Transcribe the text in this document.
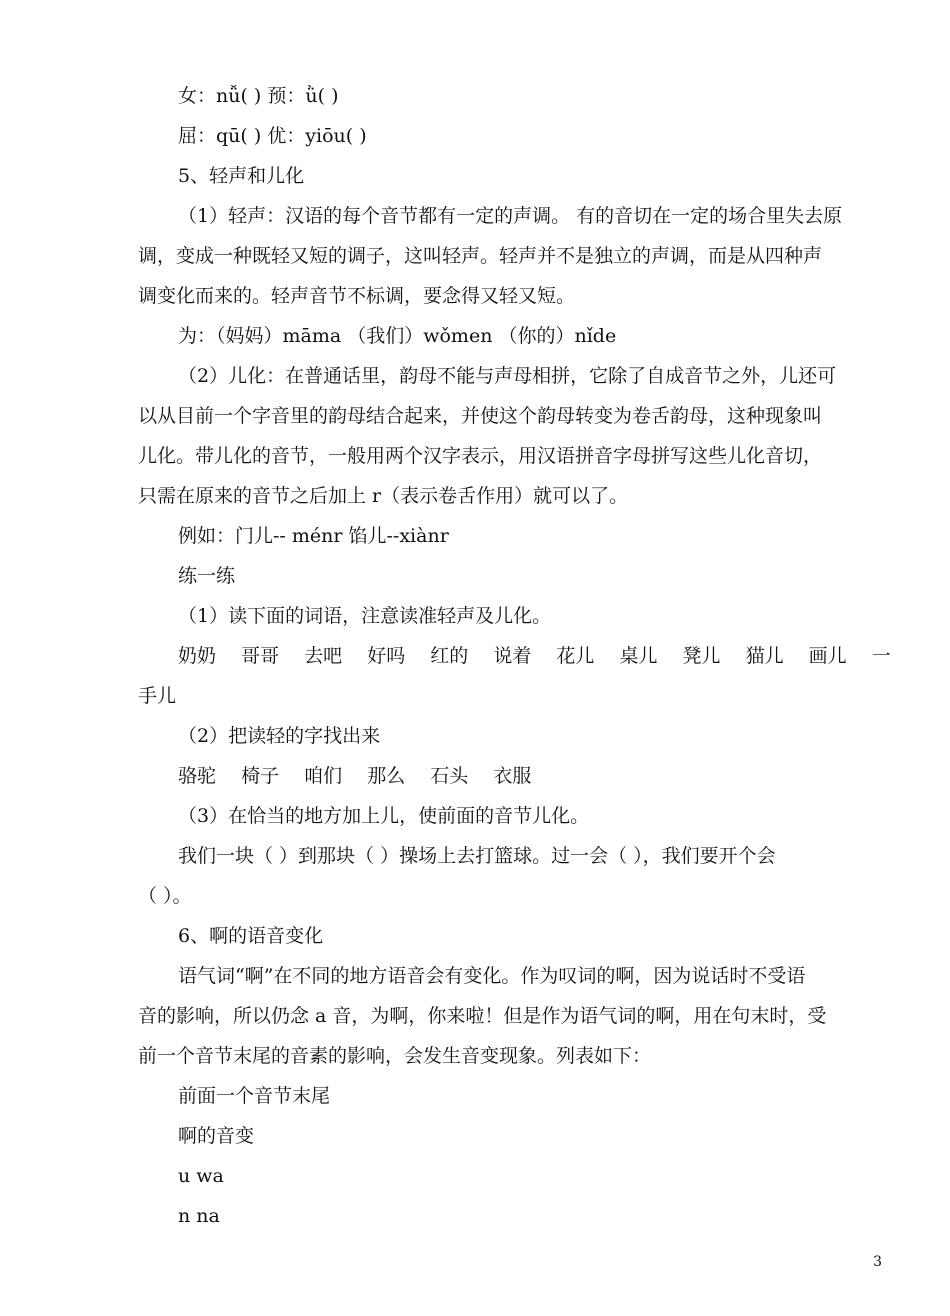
女：nǚ( ) 预：ǜ( )
屈：qū( ) 优：yiōu( )
5、轻声和儿化
（1）轻声：汉语的每个音节都有一定的声调。 有的音切在一定的场合里失去原
调，变成一种既轻又短的调子，这叫轻声。轻声并不是独立的声调，而是从四种声
调变化而来的。轻声音节不标调，要念得又轻又短。
为：（妈妈）māma （我们）wǒmen （你的）nǐde
（2）儿化：在普通话里，韵母不能与声母相拼，它除了自成音节之外，儿还可
以从目前一个字音里的韵母结合起来，并使这个韵母转变为卷舌韵母，这种现象叫
儿化。带儿化的音节，一般用两个汉字表示，用汉语拼音字母拼写这些儿化音切，
只需在原来的音节之后加上 r（表示卷舌作用）就可以了。
例如：门儿-- ménr 馅儿--xiànr
练一练
（1）读下面的词语，注意读准轻声及儿化。
奶奶 哥哥 去吧 好吗 红的 说着 花儿 桌儿 凳儿 猫儿 画儿 一
手儿
（2）把读轻的字找出来
骆驼 椅子 咱们 那么 石头 衣服
（3）在恰当的地方加上儿，使前面的音节儿化。
我们一块（ ）到那块（ ）操场上去打篮球。过一会（ ），我们要开个会
（ ）。
6、啊的语音变化
语气词“啊”在不同的地方语音会有变化。作为叹词的啊，因为说话时不受语
音的影响，所以仍念 a 音，为啊，你来啦！但是作为语气词的啊，用在句末时，受
前一个音节末尾的音素的影响，会发生音变现象。列表如下：
前面一个音节末尾
啊的音变
u wa
n na
3
